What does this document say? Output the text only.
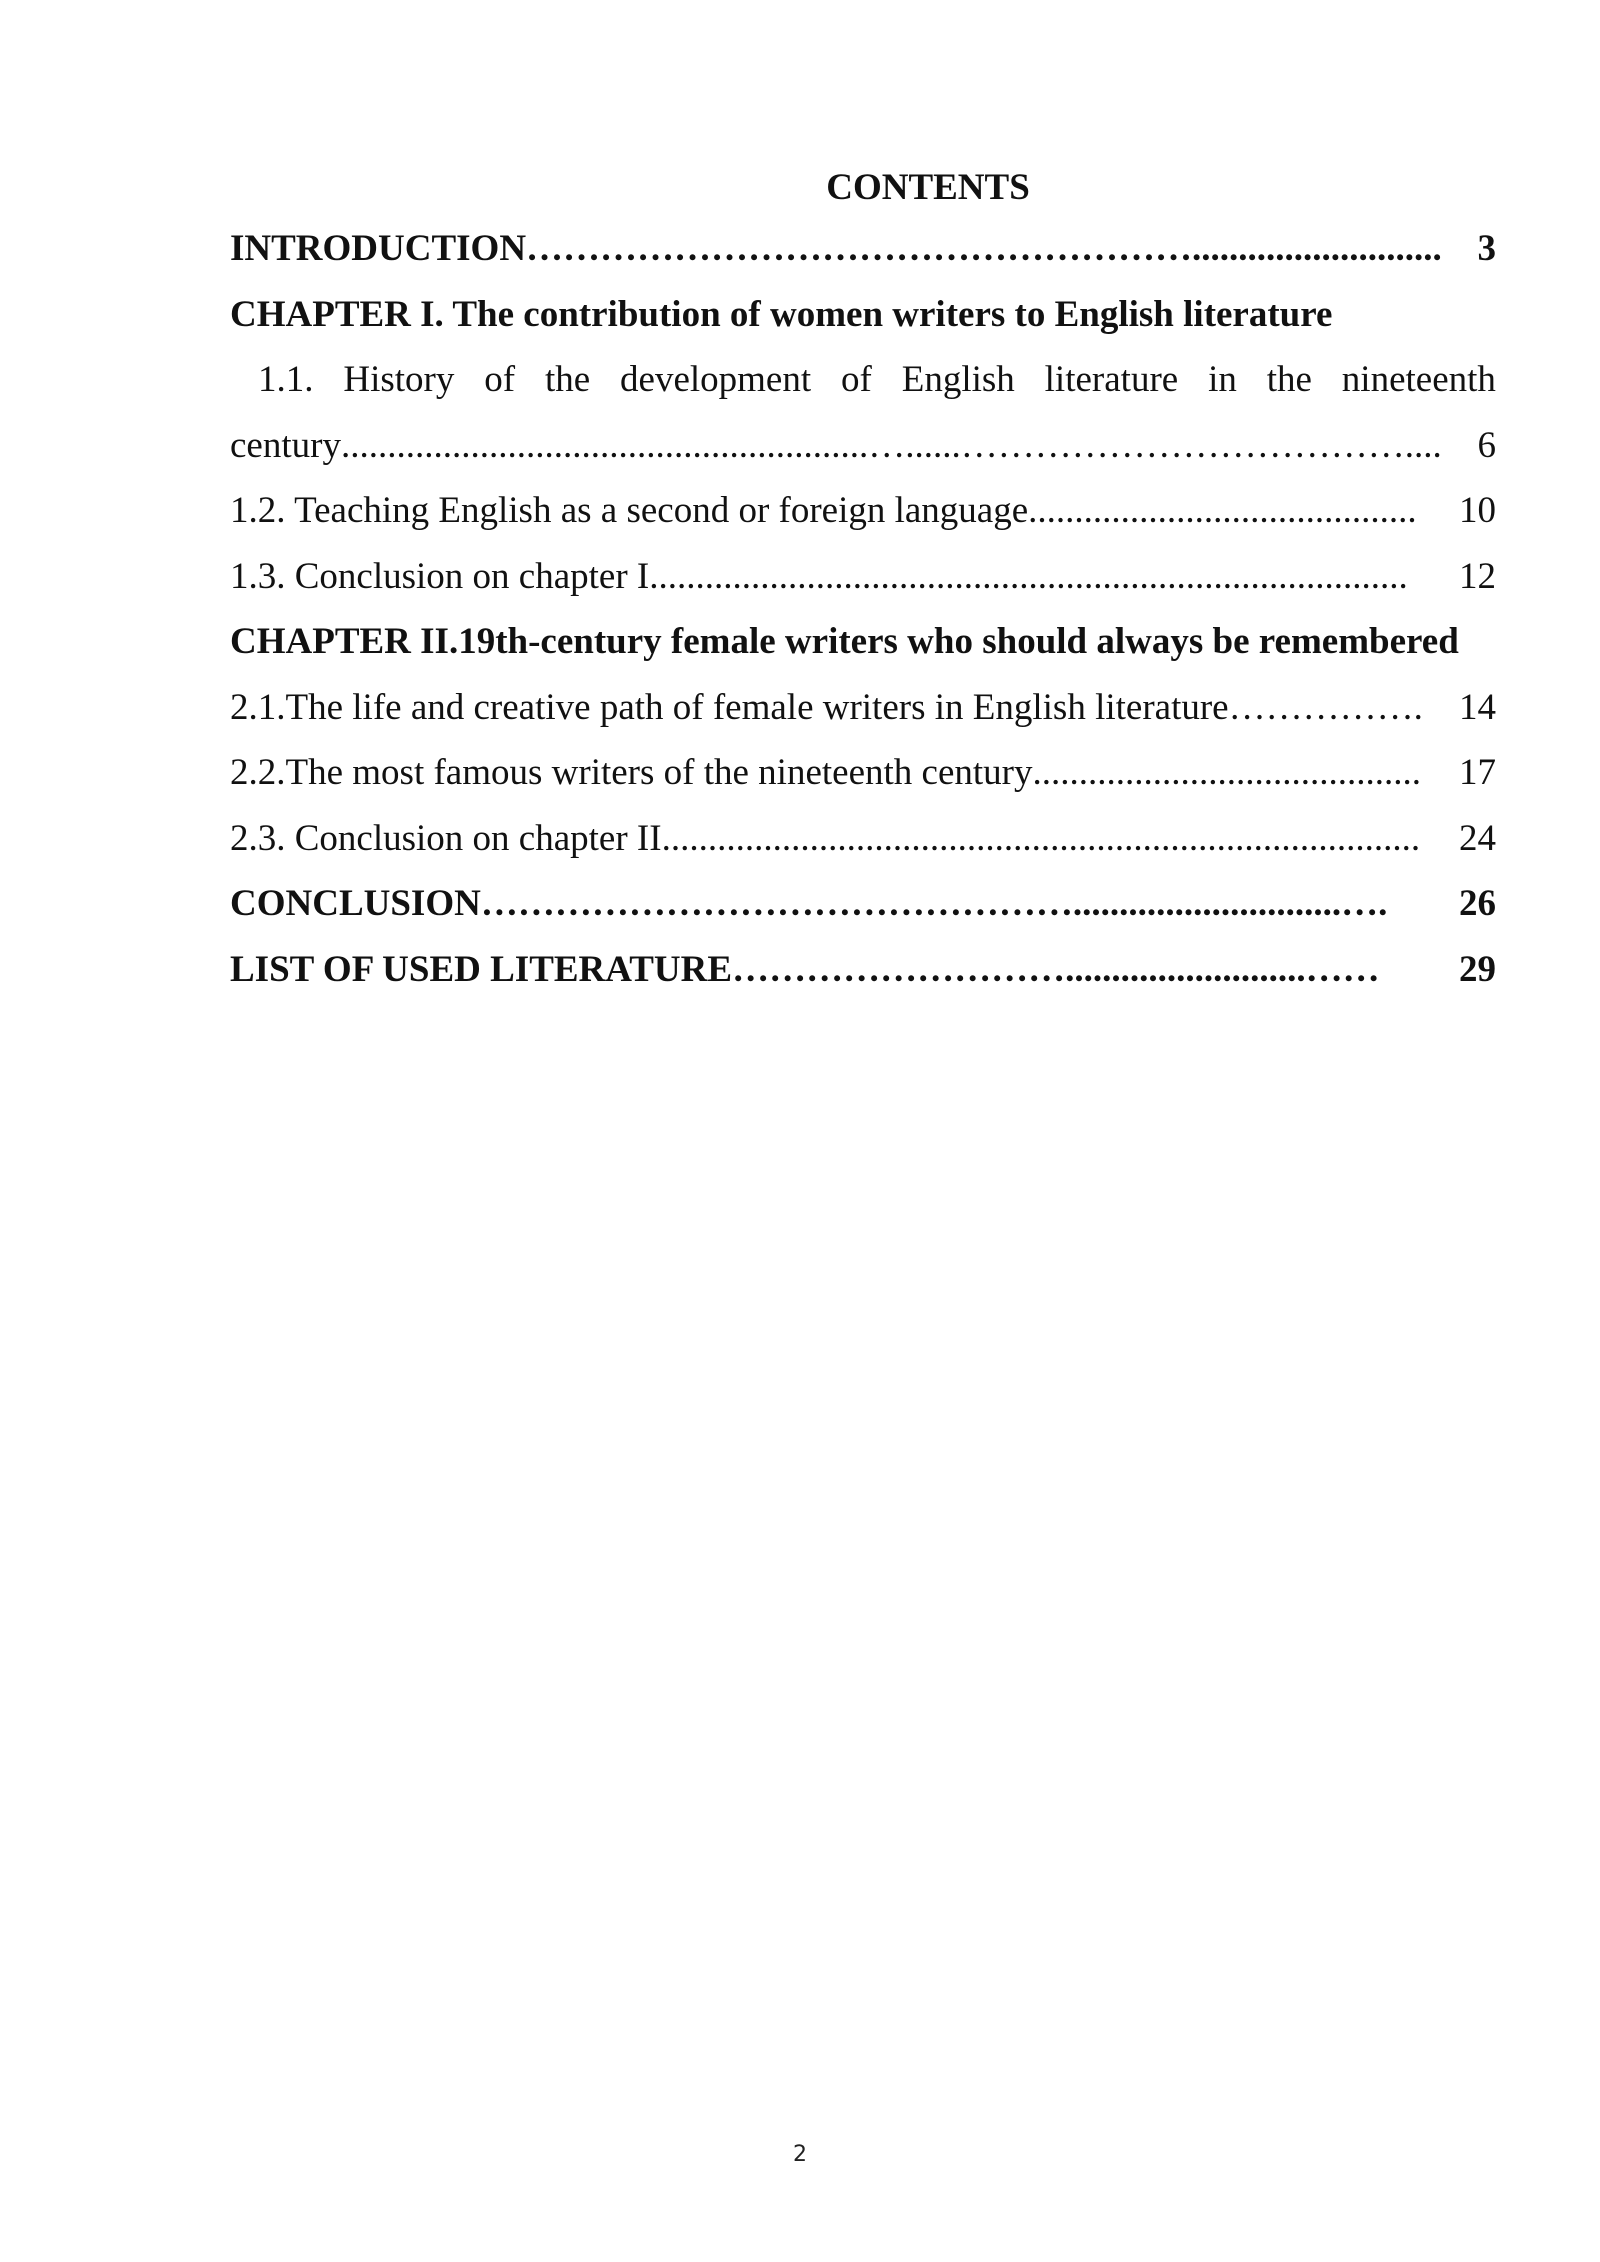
CONTENTS
INTRODUCTION ………………………………………………........................... 3
CHAPTER I. The contribution of women writers to English literature
1.1. History of the development of English literature in the nineteenth
century .........................................................…......……………………………….... 6
1.2. Teaching English as a second or foreign language ..........................................	10
1.3. Conclusion on chapter I ..................................................................................	12
CHAPTER II.19th-century female writers who should always be remembered
2.1.The life and creative path of female writers in English literature ……………. 14
2.2.The most famous writers of the nineteenth century ..........................................	17
2.3. Conclusion on chapter II ..................................................................................	24
CONCLUSION ………………………………………….............................….	26
LIST OF USED LITERATURE ………………………..........................……	29
2
